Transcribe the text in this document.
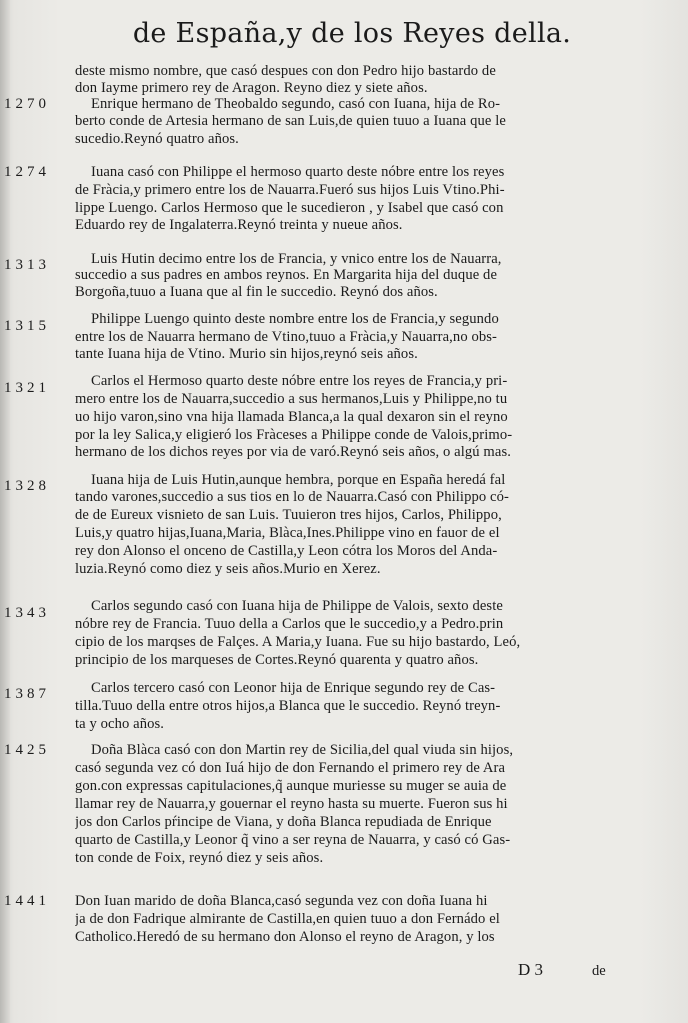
de España,y de los Reyes della.
1270
1274
1313
1315
1321
1328
1343
1387
1425
1441
deste mismo nombre, que casó despues con don Pedro hijo bastardo de
don Iayme primero rey de Aragon. Reyno diez y siete años.
Enrique hermano de Theobaldo segundo, casó con Iuana, hija de Ro-
berto conde de Artesia hermano de san Luis,de quien tuuo a Iuana que le
sucedio.Reynó quatro años.
Iuana casó con Philippe el hermoso quarto deste nóbre entre los reyes
de Fràcia,y primero entre los de Nauarra.Fueró sus hijos Luis Vtino.Phi-
lippe Luengo. Carlos Hermoso que le sucedieron , y Isabel que casó con
Eduardo rey de Ingalaterra.Reynó treinta y nueue años.
Luis Hutin decimo entre los de Francia, y vnico entre los de Nauarra,
succedio a sus padres en ambos reynos. En Margarita hija del duque de
Borgoña,tuuo a Iuana que al fin le succedio. Reynó dos años.
Philippe Luengo quinto deste nombre entre los de Francia,y segundo
entre los de Nauarra hermano de Vtino,tuuo a Fràcia,y Nauarra,no obs-
tante Iuana hija de Vtino. Murio sin hijos,reynó seis años.
Carlos el Hermoso quarto deste nóbre entre los reyes de Francia,y pri-
mero entre los de Nauarra,succedio a sus hermanos,Luis y Philippe,no tu
uo hijo varon,sino vna hija llamada Blanca,a la qual dexaron sin el reyno
por la ley Salica,y eligieró los Fràceses a Philippe conde de Valois,primo-
hermano de los dichos reyes por via de varó.Reynó seis años, o algú mas.
Iuana hija de Luis Hutin,aunque hembra, porque en España heredá fal
tando varones,succedio a sus tios en lo de Nauarra.Casó con Philippo có-
de de Eureux visnieto de san Luis. Tuuieron tres hijos, Carlos, Philippo,
Luis,y quatro hijas,Iuana,Maria, Blàca,Ines.Philippe vino en fauor de el
rey don Alonso el onceno de Castilla,y Leon cótra los Moros del Anda-
luzia.Reynó como diez y seis años.Murio en Xerez.
Carlos segundo casó con Iuana hija de Philippe de Valois, sexto deste
nóbre rey de Francia. Tuuo della a Carlos que le succedio,y a Pedro.prin
cipio de los marqses de Falçes. A Maria,y Iuana. Fue su hijo bastardo, Leó,
principio de los marqueses de Cortes.Reynó quarenta y quatro años.
Carlos tercero casó con Leonor hija de Enrique segundo rey de Cas-
tilla.Tuuo della entre otros hijos,a Blanca que le succedio. Reynó treyn-
ta y ocho años.
Doña Blàca casó con don Martin rey de Sicilia,del qual viuda sin hijos,
casó segunda vez có don Iuá hijo de don Fernando el primero rey de Ara
gon.con expressas capitulaciones,q̃ aunque muriesse su muger se auia de
llamar rey de Nauarra,y gouernar el reyno hasta su muerte. Fueron sus hi
jos don Carlos pŕincipe de Viana, y doña Blanca repudiada de Enrique
quarto de Castilla,y Leonor q̃ vino a ser reyna de Nauarra, y casó có Gas-
ton conde de Foix, reynó diez y seis años.
Don Iuan marido de doña Blanca,casó segunda vez con doña Iuana hi
ja de don Fadrique almirante de Castilla,en quien tuuo a don Fernádo el
Catholico.Heredó de su hermano don Alonso el reyno de Aragon, y los
D 3	de
